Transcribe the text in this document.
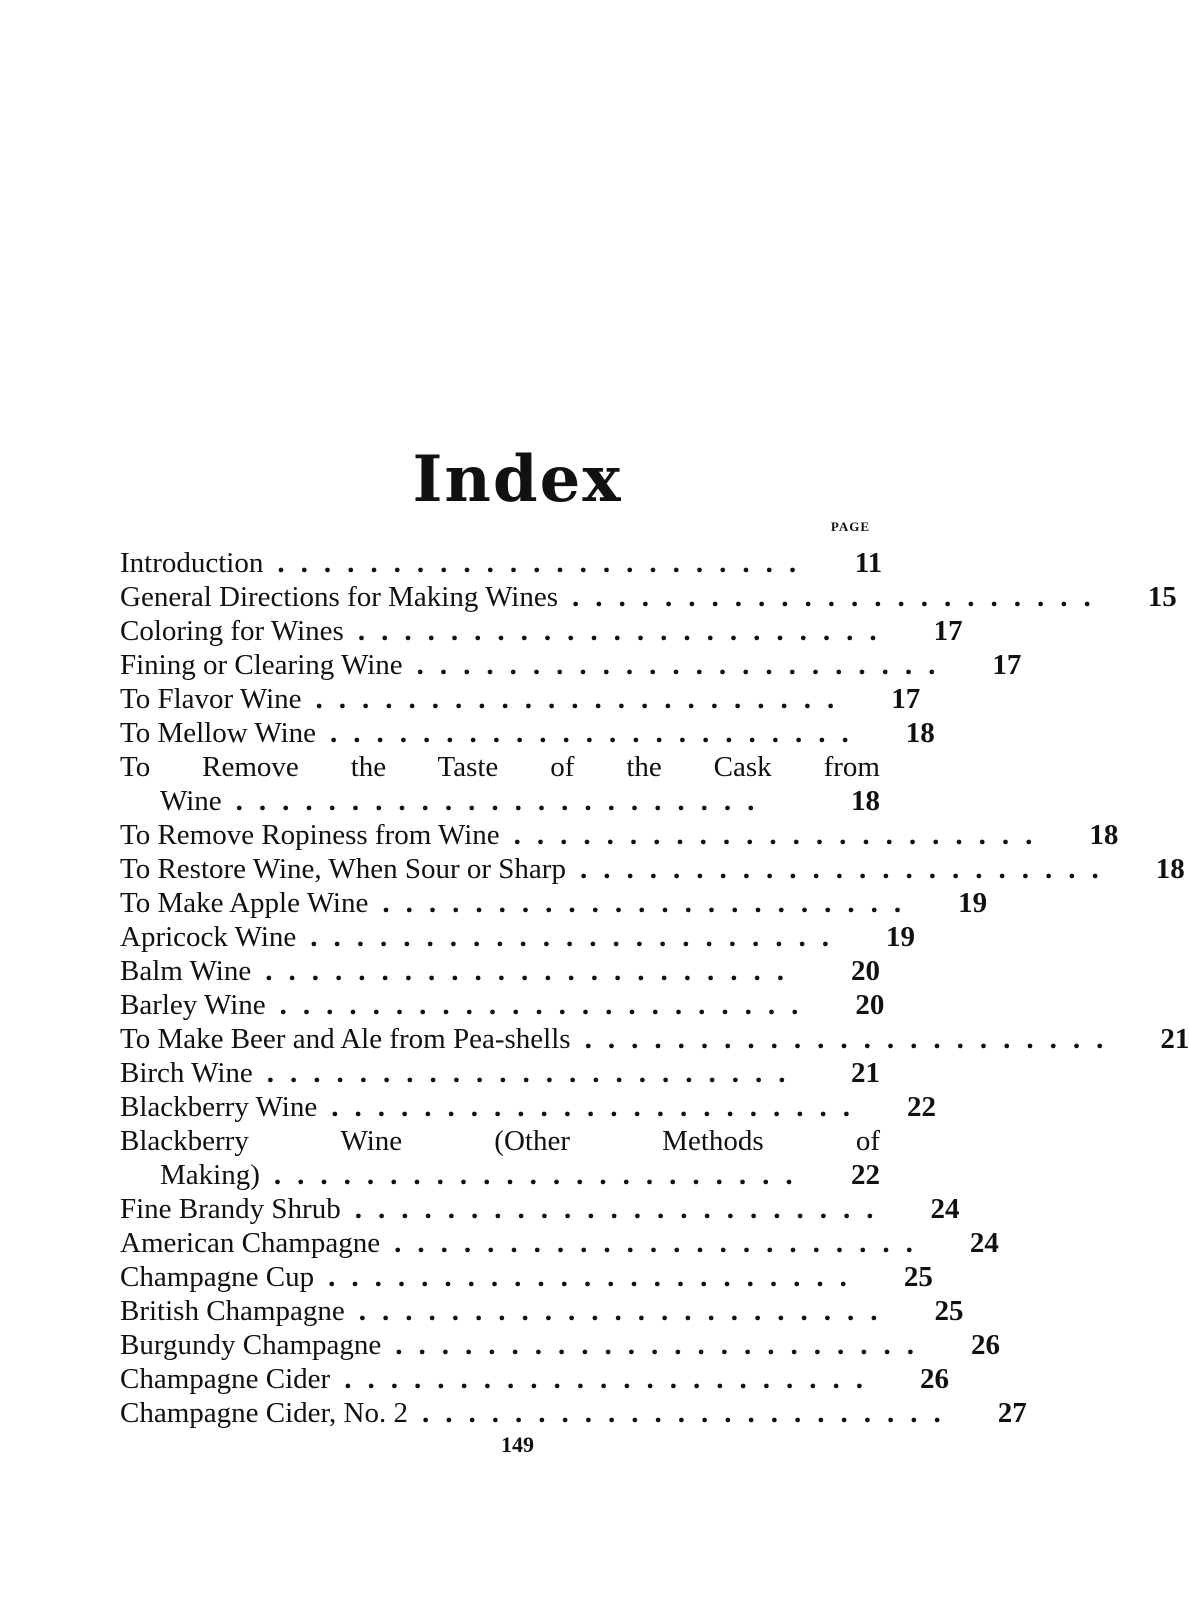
Index
PAGE
Introduction .......................	11
General Directions for Making Wines .......................	15
Coloring for Wines .......................	17
Fining or Clearing Wine .......................	17
To Flavor Wine .......................	17
To Mellow Wine .......................	18
To Remove the Taste of the Cask from
Wine .......................	18
To Remove Ropiness from Wine .......................	18
To Restore Wine, When Sour or Sharp .......................	18
To Make Apple Wine .......................	19
Apricock Wine .......................	19
Balm Wine .......................	20
Barley Wine .......................	20
To Make Beer and Ale from Pea-shells .......................	21
Birch Wine .......................	21
Blackberry Wine .......................	22
Blackberry Wine (Other Methods of
Making) .......................	22
Fine Brandy Shrub .......................	24
American Champagne .......................	24
Champagne Cup .......................	25
British Champagne .......................	25
Burgundy Champagne .......................	26
Champagne Cider .......................	26
Champagne Cider, No. 2 .......................	27
149
